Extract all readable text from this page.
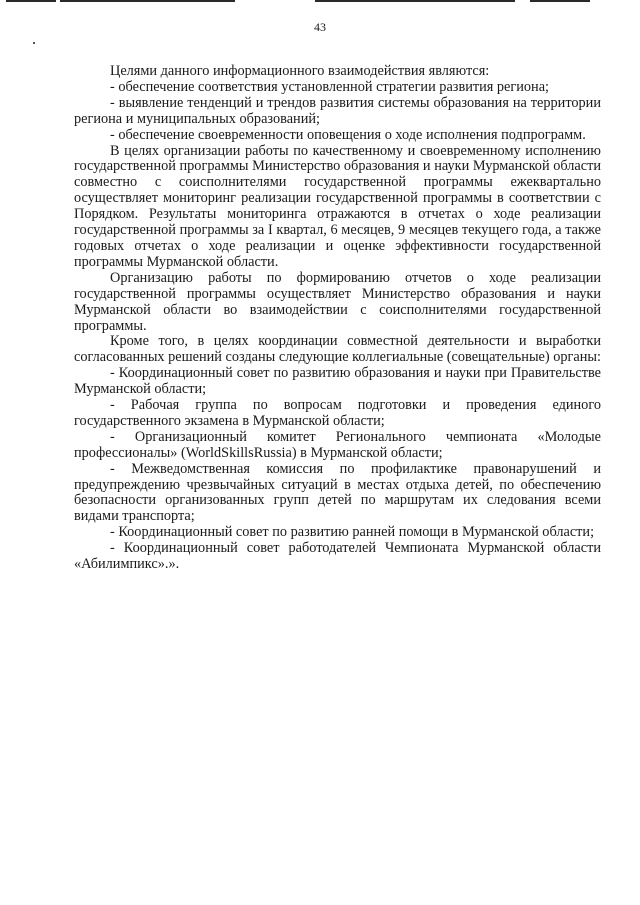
43

Целями данного информационного взаимодействия являются:

- обеспечение соответствия установленной стратегии развития региона;

- выявление тенденций и трендов развития системы образования на территории региона и муниципальных образований;

- обеспечение своевременности оповещения о ходе исполнения подпрограмм.

В целях организации работы по качественному и своевременному исполнению государственной программы Министерство образования и науки Мурманской области совместно с соисполнителями государственной программы ежеквартально осуществляет мониторинг реализации государственной программы в соответствии с Порядком. Результаты мониторинга отражаются в отчетах о ходе реализации государственной программы за I квартал, 6 месяцев, 9 месяцев текущего года, а также годовых отчетах о ходе реализации и оценке эффективности государственной программы Мурманской области.

Организацию работы по формированию отчетов о ходе реализации государственной программы осуществляет Министерство образования и науки Мурманской области во взаимодействии с соисполнителями государственной программы.

Кроме того, в целях координации совместной деятельности и выработки согласованных решений созданы следующие коллегиальные (совещательные) органы:

- Координационный совет по развитию образования и науки при Правительстве Мурманской области;

- Рабочая группа по вопросам подготовки и проведения единого государственного экзамена в Мурманской области;

- Организационный комитет Регионального чемпионата «Молодые профессионалы» (WorldSkillsRussia) в Мурманской области;

- Межведомственная комиссия по профилактике правонарушений и предупреждению чрезвычайных ситуаций в местах отдыха детей, по обеспечению безопасности организованных групп детей по маршрутам их следования всеми видами транспорта;

- Координационный совет по развитию ранней помощи в Мурманской области;

- Координационный совет работодателей Чемпионата Мурманской области «Абилимпикс».».
